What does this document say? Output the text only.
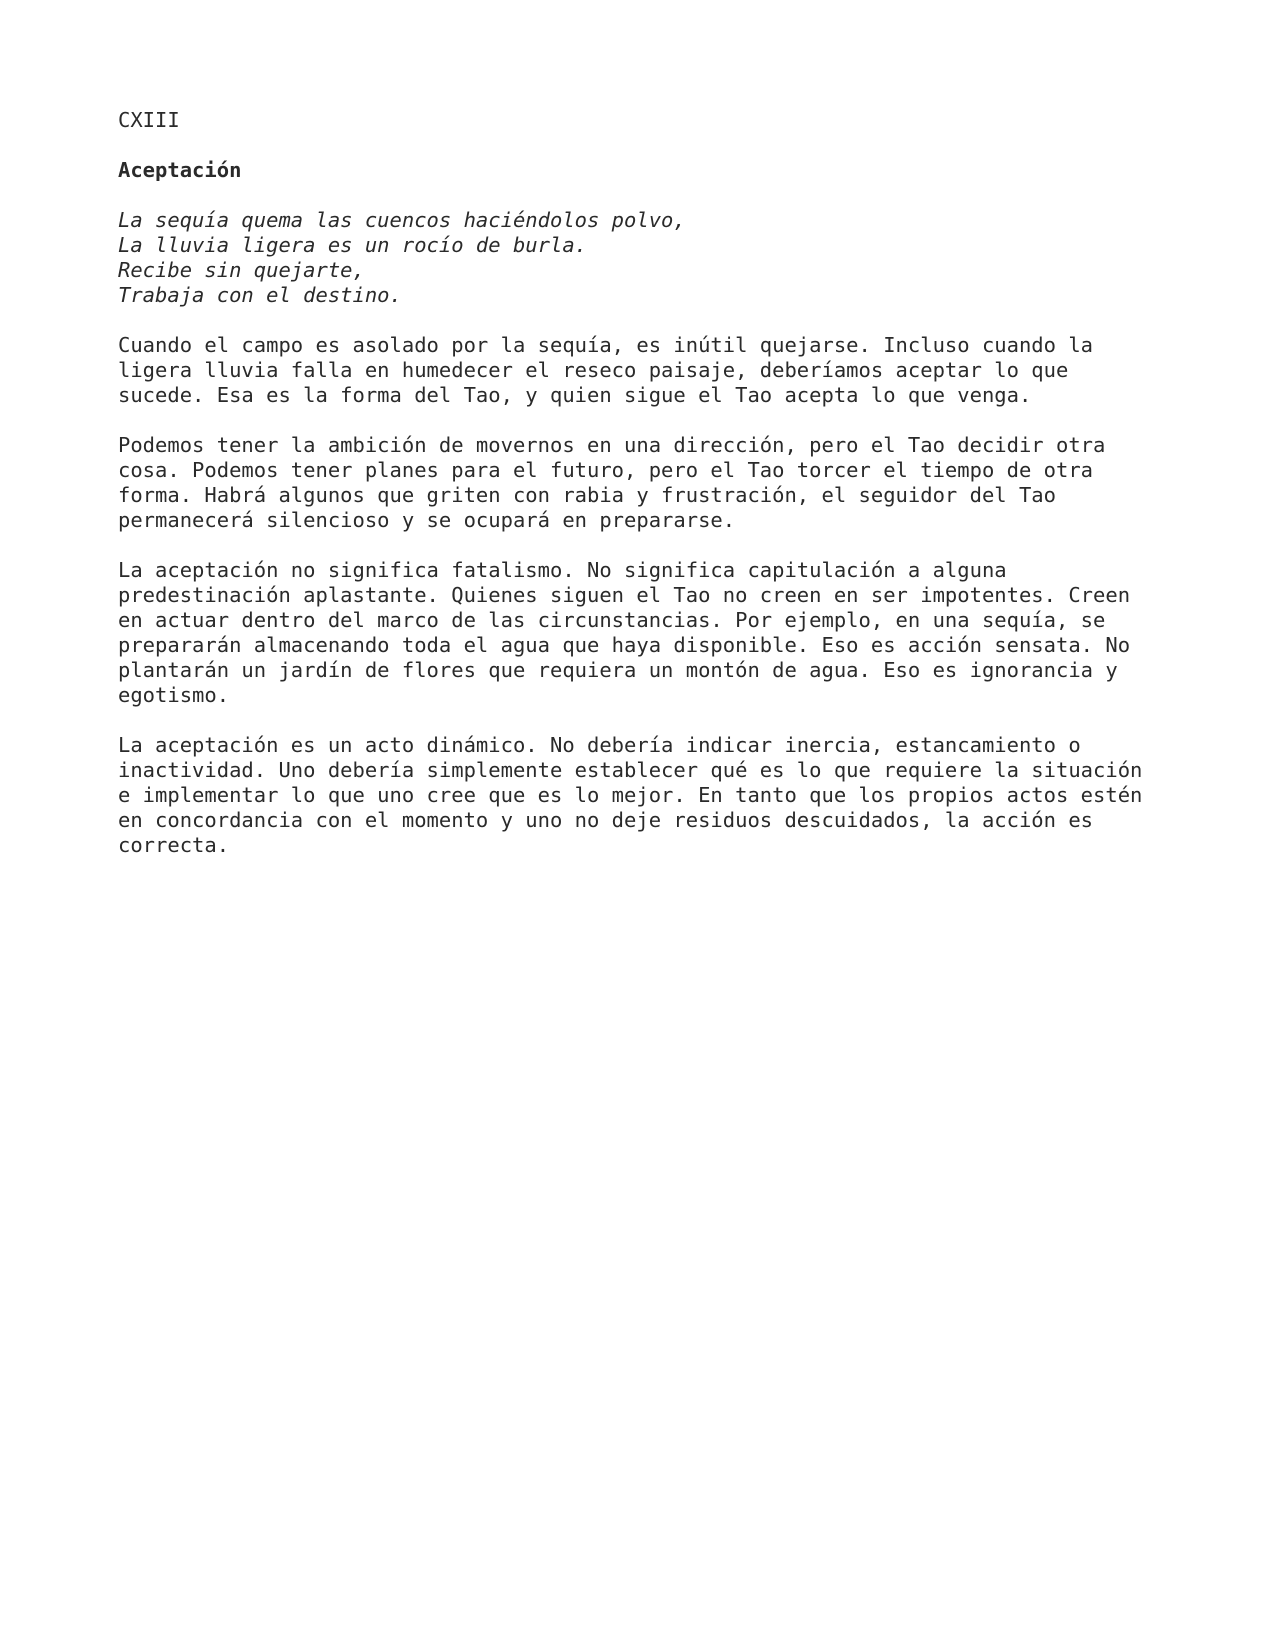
CXIII
Aceptación
La sequía quema las cuencos haciéndolos polvo,
La lluvia ligera es un rocío de burla.
Recibe sin quejarte,
Trabaja con el destino.
Cuando el campo es asolado por la sequía, es inútil quejarse. Incluso cuando la
ligera lluvia falla en humedecer el reseco paisaje, deberíamos aceptar lo que
sucede. Esa es la forma del Tao, y quien sigue el Tao acepta lo que venga.
Podemos tener la ambición de movernos en una dirección, pero el Tao decidir otra
cosa. Podemos tener planes para el futuro, pero el Tao torcer el tiempo de otra
forma. Habrá algunos que griten con rabia y frustración, el seguidor del Tao
permanecerá silencioso y se ocupará en prepararse.
La aceptación no significa fatalismo. No significa capitulación a alguna
predestinación aplastante. Quienes siguen el Tao no creen en ser impotentes. Creen
en actuar dentro del marco de las circunstancias. Por ejemplo, en una sequía, se
prepararán almacenando toda el agua que haya disponible. Eso es acción sensata. No
plantarán un jardín de flores que requiera un montón de agua. Eso es ignorancia y
egotismo.
La aceptación es un acto dinámico. No debería indicar inercia, estancamiento o
inactividad. Uno debería simplemente establecer qué es lo que requiere la situación
e implementar lo que uno cree que es lo mejor. En tanto que los propios actos estén
en concordancia con el momento y uno no deje residuos descuidados, la acción es
correcta.
